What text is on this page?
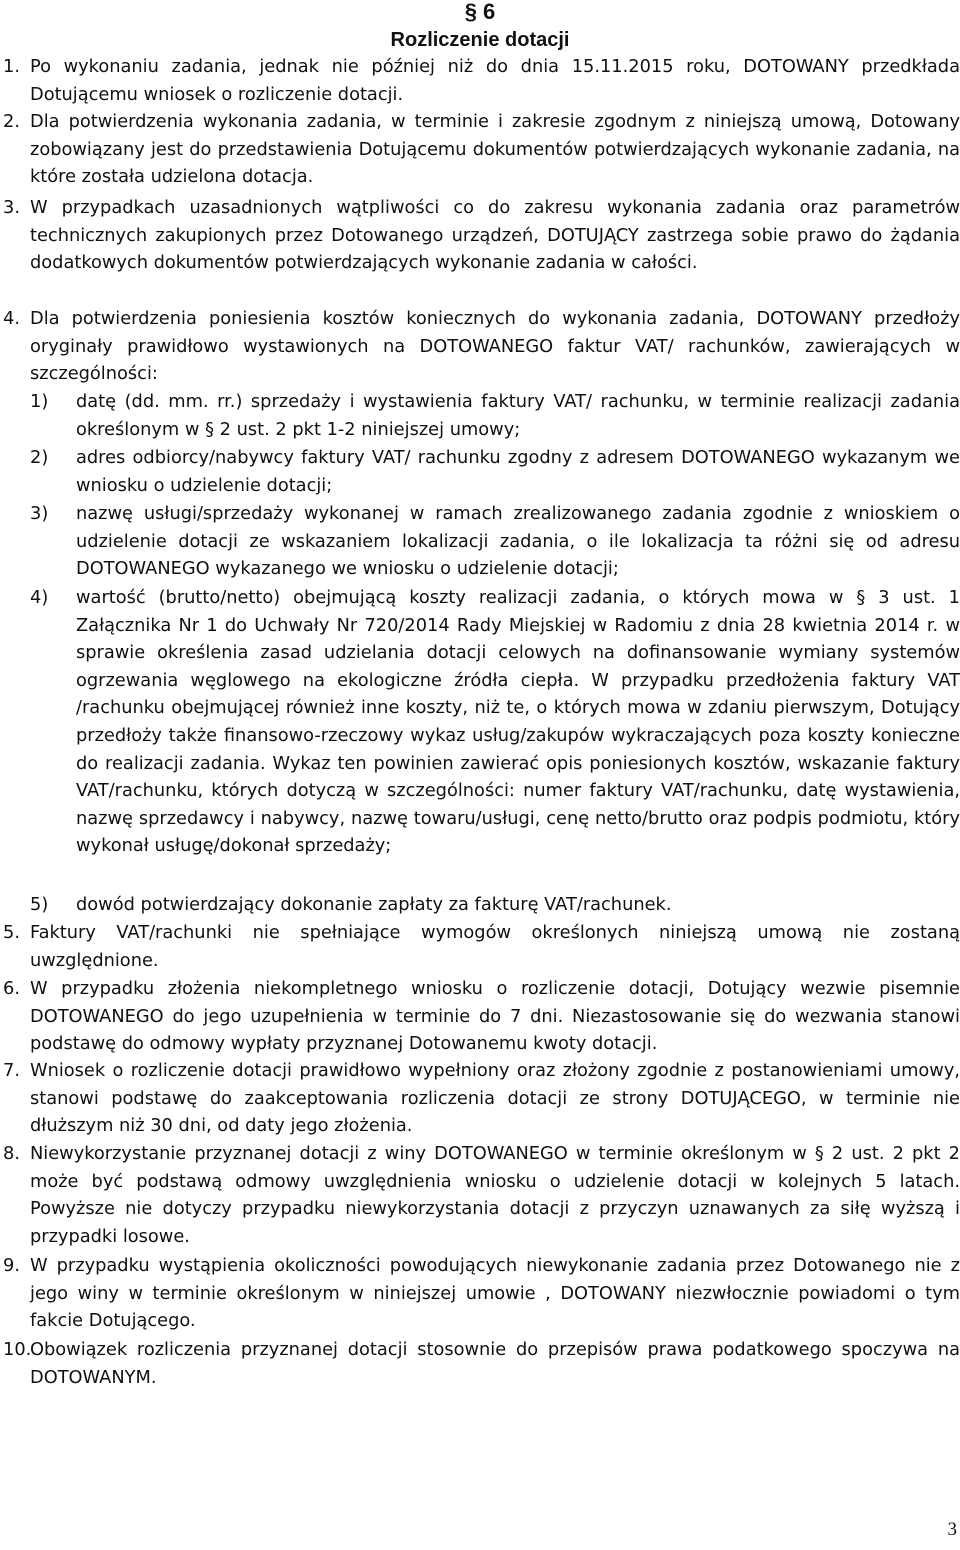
§ 6
Rozliczenie dotacji
1. Po wykonaniu zadania, jednak nie później niż do dnia 15.11.2015 roku, DOTOWANY przedkłada Dotującemu wniosek o rozliczenie dotacji.
2. Dla potwierdzenia wykonania zadania, w terminie i zakresie zgodnym z niniejszą umową, Dotowany zobowiązany jest do przedstawienia Dotującemu dokumentów potwierdzających wykonanie zadania, na które została udzielona dotacja.
3. W przypadkach uzasadnionych wątpliwości co do zakresu wykonania zadania oraz parametrów technicznych zakupionych przez Dotowanego urządzeń, DOTUJĄCY zastrzega sobie prawo do żądania dodatkowych dokumentów potwierdzających wykonanie zadania w całości.
4. Dla potwierdzenia poniesienia kosztów koniecznych do wykonania zadania, DOTOWANY przedłoży oryginały prawidłowo wystawionych na DOTOWANEGO faktur VAT/ rachunków, zawierających w szczególności:
1) datę (dd. mm. rr.) sprzedaży i wystawienia faktury VAT/ rachunku, w terminie realizacji zadania określonym w § 2 ust. 2 pkt 1-2 niniejszej umowy;
2) adres odbiorcy/nabywcy faktury VAT/ rachunku zgodny z adresem DOTOWANEGO wykazanym we wniosku o udzielenie dotacji;
3) nazwę usługi/sprzedaży wykonanej w ramach zrealizowanego zadania zgodnie z wnioskiem o udzielenie dotacji ze wskazaniem lokalizacji zadania, o ile lokalizacja ta różni się od adresu DOTOWANEGO wykazanego we wniosku o udzielenie dotacji;
4) wartość (brutto/netto) obejmującą koszty realizacji zadania, o których mowa w § 3 ust. 1 Załącznika Nr 1 do Uchwały Nr 720/2014 Rady Miejskiej w Radomiu z dnia 28 kwietnia 2014 r. w sprawie określenia zasad udzielania dotacji celowych na dofinansowanie wymiany systemów ogrzewania węglowego na ekologiczne źródła ciepła. W przypadku przedłożenia faktury VAT /rachunku obejmującej również inne koszty, niż te, o których mowa w zdaniu pierwszym, Dotujący przedłoży także finansowo-rzeczowy wykaz usług/zakupów wykraczających poza koszty konieczne do realizacji zadania. Wykaz ten powinien zawierać opis poniesionych kosztów, wskazanie faktury VAT/rachunku, których dotyczą w szczególności: numer faktury VAT/rachunku, datę wystawienia, nazwę sprzedawcy i nabywcy, nazwę towaru/usługi, cenę netto/brutto oraz podpis podmiotu, który wykonał usługę/dokonał sprzedaży;
5) dowód potwierdzający dokonanie zapłaty za fakturę VAT/rachunek.
5. Faktury VAT/rachunki nie spełniające wymogów określonych niniejszą umową nie zostaną uwzględnione.
6. W przypadku złożenia niekompletnego wniosku o rozliczenie dotacji, Dotujący wezwie pisemnie DOTOWANEGO do jego uzupełnienia w terminie do 7 dni. Niezastosowanie się do wezwania stanowi podstawę do odmowy wypłaty przyznanej Dotowanemu kwoty dotacji.
7. Wniosek o rozliczenie dotacji prawidłowo wypełniony oraz złożony zgodnie z postanowieniami umowy, stanowi podstawę do zaakceptowania rozliczenia dotacji ze strony DOTUJĄCEGO, w terminie nie dłuższym niż 30 dni, od daty jego złożenia.
8. Niewykorzystanie przyznanej dotacji z winy DOTOWANEGO w terminie określonym w § 2 ust. 2 pkt 2 może być podstawą odmowy uwzględnienia wniosku o udzielenie dotacji w kolejnych 5 latach. Powyższe nie dotyczy przypadku niewykorzystania dotacji z przyczyn uznawanych za siłę wyższą i przypadki losowe.
9. W przypadku wystąpienia okoliczności powodujących niewykonanie zadania przez Dotowanego nie z jego winy w terminie określonym w niniejszej umowie , DOTOWANY niezwłocznie powiadomi o tym fakcie Dotującego.
10.
Obowiązek rozliczenia przyznanej dotacji stosownie do przepisów prawa podatkowego spoczywa na DOTOWANYM.
3
